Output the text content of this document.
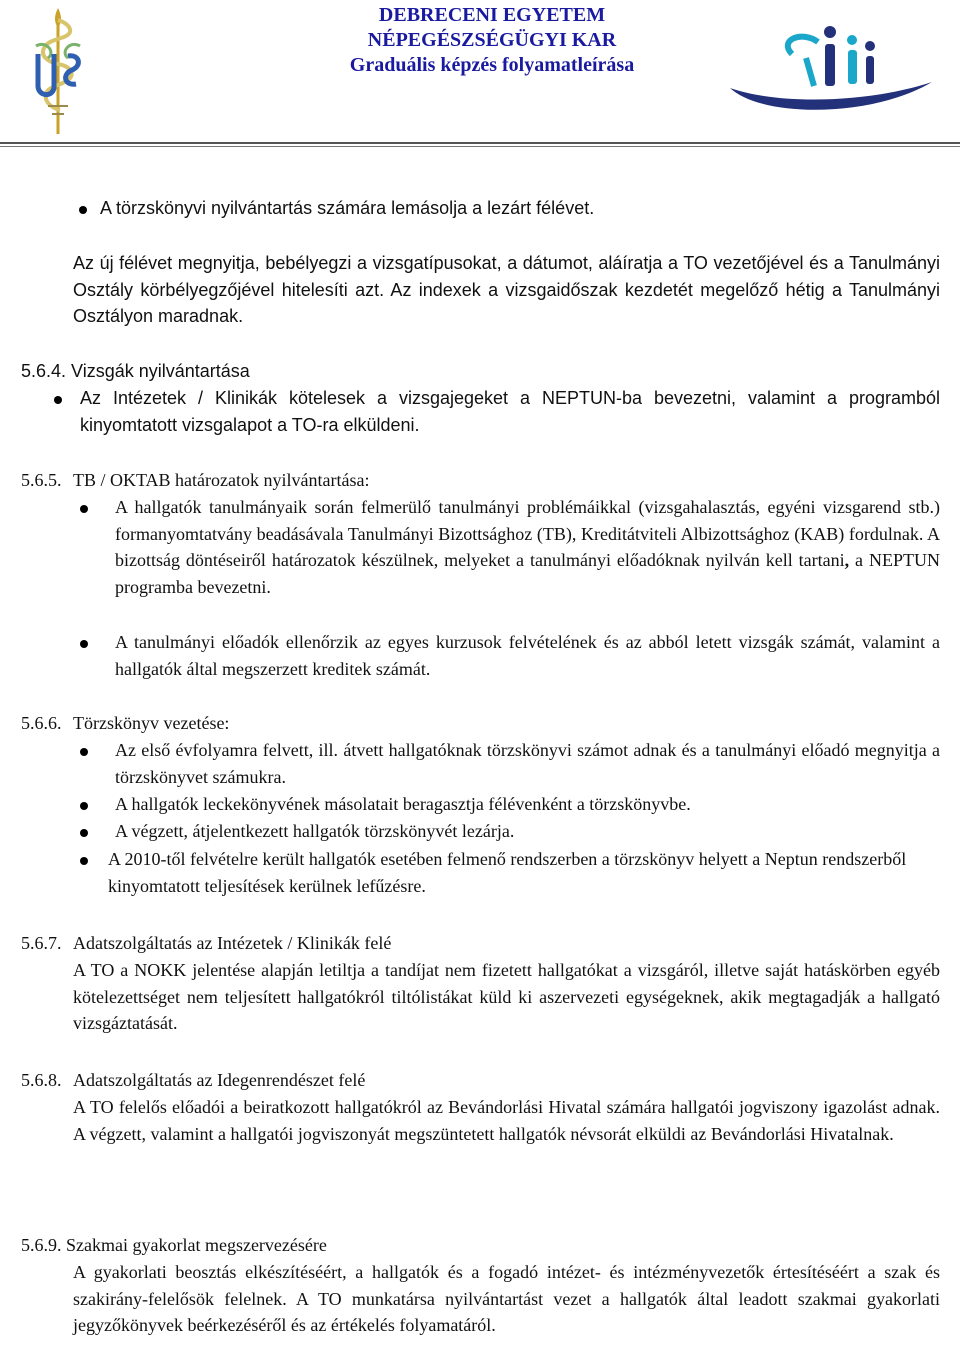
DEBRECENI EGYETEM
NÉPEGÉSZSÉGÜGYI KAR
Graduális képzés folyamatleírása
A törzskönyvi nyilvántartás számára lemásolja a lezárt félévet.
Az új félévet megnyitja, bebélyegzi a vizsgatípusokat, a dátumot, aláíratja a TO vezetőjével és a Tanulmányi Osztály körbélyegzőjével hitelesíti azt. Az indexek a vizsgaidőszak kezdetét megelőző hétig a Tanulmányi Osztályon maradnak.
5.6.4. Vizsgák nyilvántartása
Az Intézetek / Klinikák kötelesek a vizsgajegeket a NEPTUN-ba bevezetni, valamint a programból kinyomtatott vizsgalapot a TO-ra elküldeni.
5.6.5. TB / OKTAB határozatok nyilvántartása:
A hallgatók tanulmányaik során felmerülő tanulmányi problémáikkal (vizsgahalasztás, egyéni vizsgarend stb.) formanyomtatvány beadásávala Tanulmányi Bizottsághoz (TB), Kreditátviteli Albizottsághoz (KAB) fordulnak. A bizottság döntéseiről határozatok készülnek, melyeket a tanulmányi előadóknak nyilván kell tartani, a NEPTUN programba bevezetni.
A tanulmányi előadók ellenőrzik az egyes kurzusok felvételének és az abból letett vizsgák számát, valamint a hallgatók által megszerzett kreditek számát.
5.6.6. Törzskönyv vezetése:
Az első évfolyamra felvett, ill. átvett hallgatóknak törzskönyvi számot adnak és a tanulmányi előadó megnyitja a törzskönyvet számukra.
A hallgatók leckekönyvének másolatait beragasztja félévenként a törzskönyvbe.
A végzett, átjelentkezett hallgatók törzskönyvét lezárja.
A 2010-től felvételre került hallgatók esetében felmenő rendszerben a törzskönyv helyett a Neptun rendszerből kinyomtatott teljesítések kerülnek lefűzésre.
5.6.7. Adatszolgáltatás az Intézetek / Klinikák felé
A TO a NOKK jelentése alapján letiltja a tandíjat nem fizetett hallgatókat a vizsgáról, illetve saját hatáskörben egyéb kötelezettséget nem teljesített hallgatókról tiltólistákat küld ki aszervezeti egységeknek, akik megtagadják a hallgató vizsgáztatását.
5.6.8. Adatszolgáltatás az Idegenrendészet felé
A TO felelős előadói a beiratkozott hallgatókról az Bevándorlási Hivatal számára hallgatói jogviszony igazolást adnak. A végzett, valamint a hallgatói jogviszonyát megszüntetett hallgatók névsorát elküldi az Bevándorlási Hivatalnak.
5.6.9. Szakmai gyakorlat megszervezésére
A gyakorlati beosztás elkészítéséért, a hallgatók és a fogadó intézet- és intézményvezetők értesítéséért a szak és szakirány-felelősök felelnek. A TO munkatársa nyilvántartást vezet a hallgatók által leadott szakmai gyakorlati jegyzőkönyvek beérkezéséről és az értékelés folyamatáról.
